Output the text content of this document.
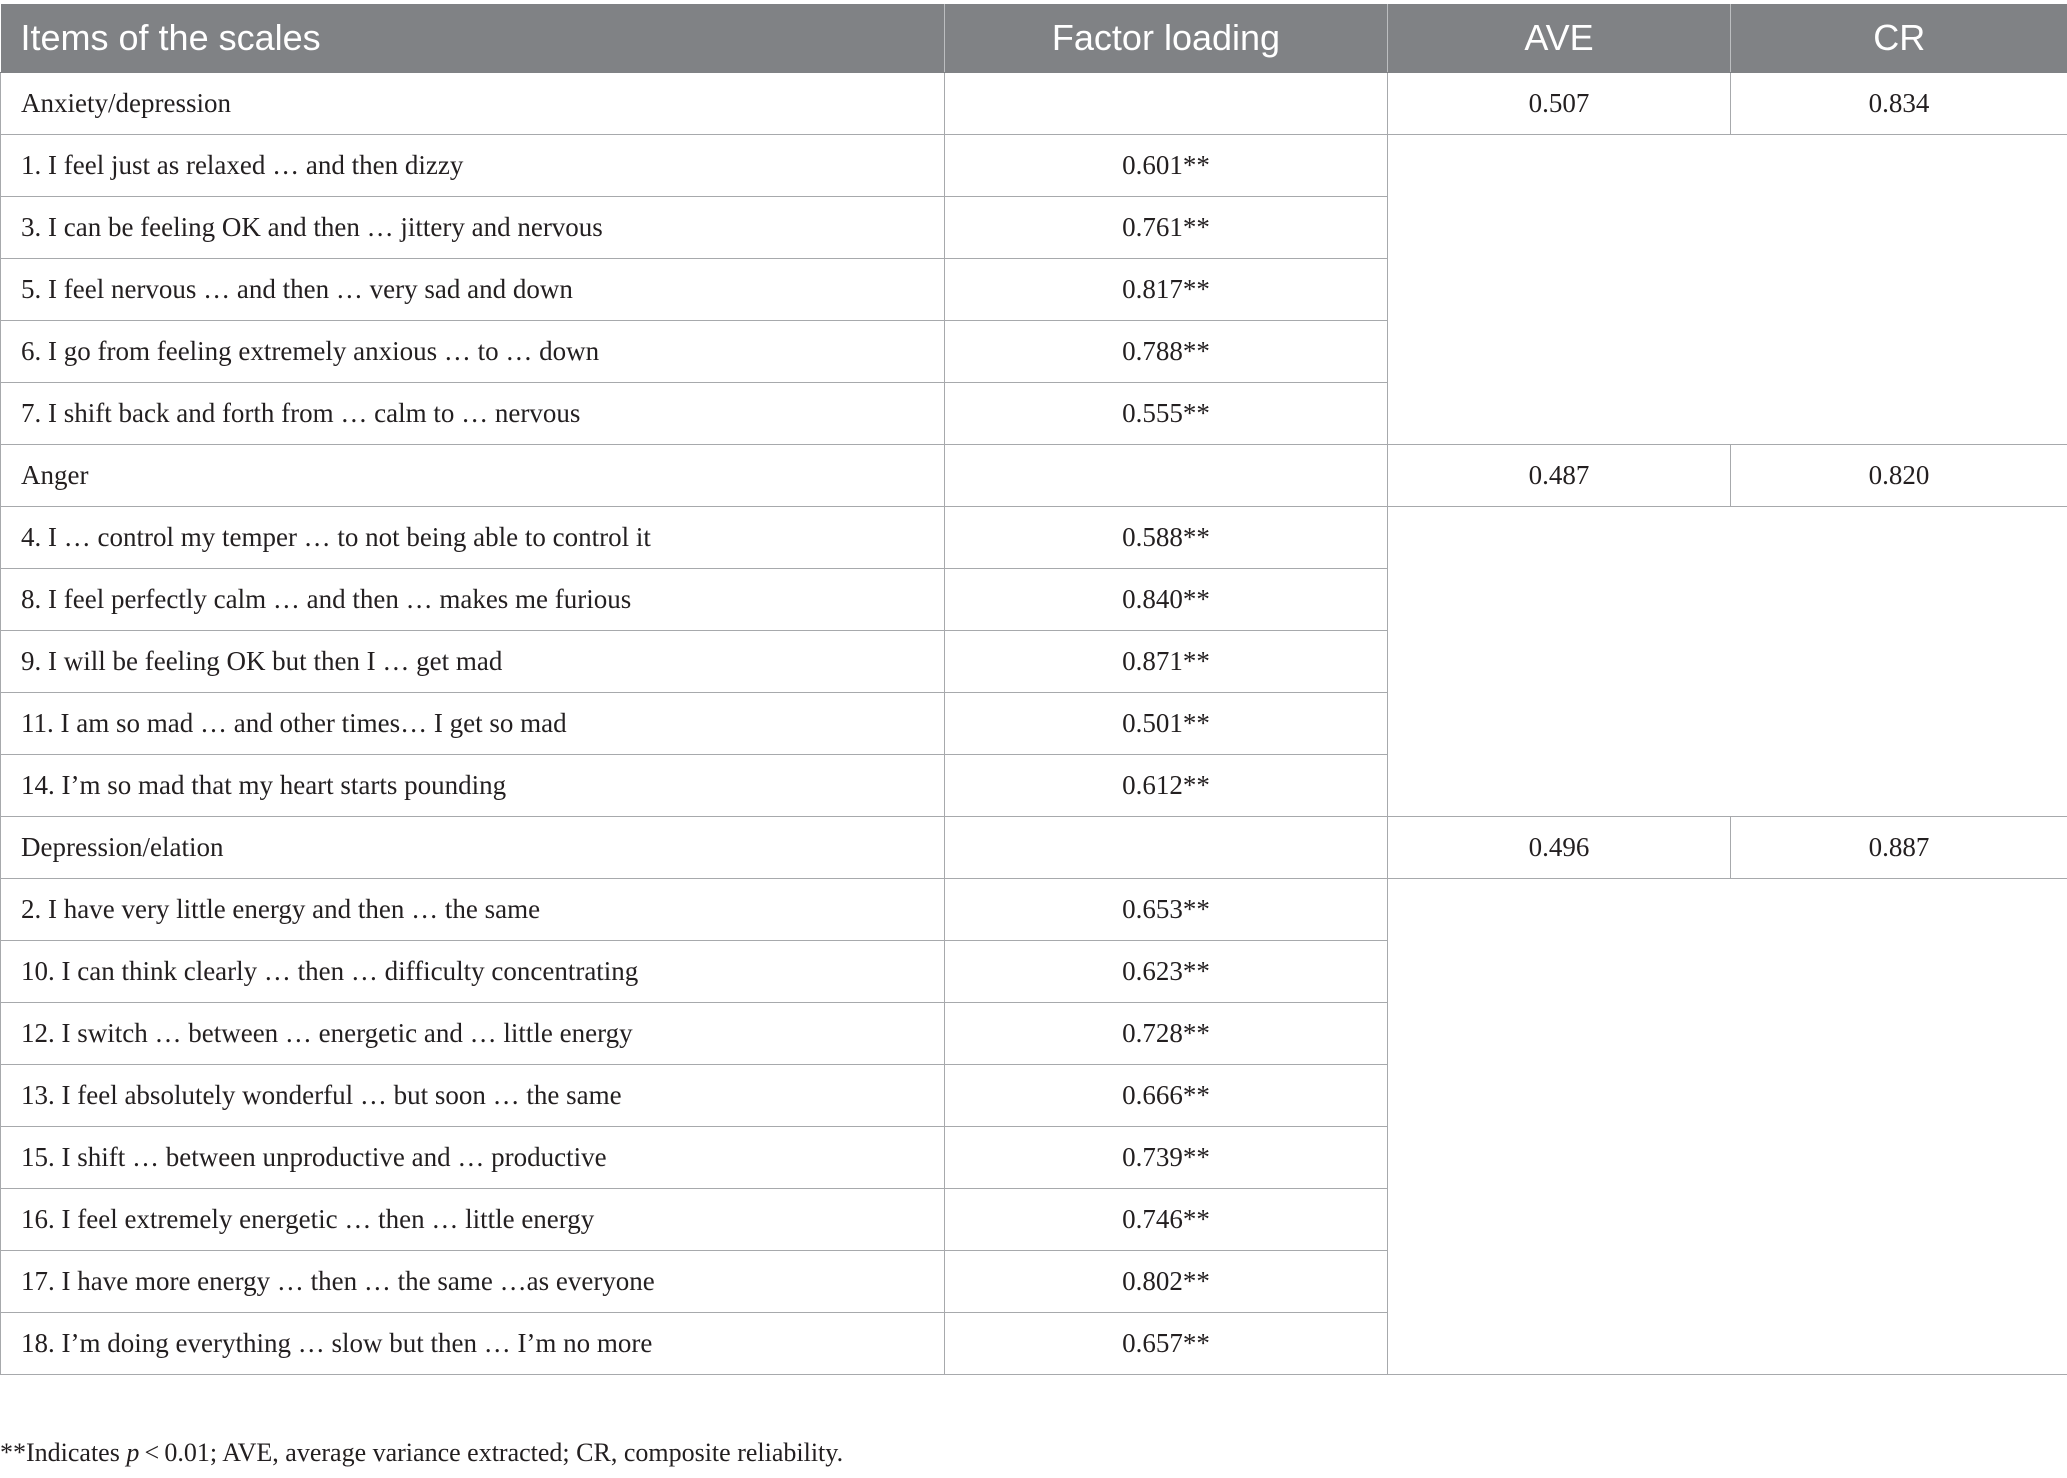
Items of the scales	Factor loading	AVE	CR
Anxiety/depression		0.507	0.834
1. I feel just as relaxed … and then dizzy	0.601**		
3. I can be feeling OK and then … jittery and nervous	0.761**		
5. I feel nervous … and then … very sad and down	0.817**		
6. I go from feeling extremely anxious … to … down	0.788**		
7. I shift back and forth from … calm to … nervous	0.555**		
Anger		0.487	0.820
4. I … control my temper … to not being able to control it	0.588**		
8. I feel perfectly calm … and then … makes me furious	0.840**		
9. I will be feeling OK but then I … get mad	0.871**		
11. I am so mad … and other times… I get so mad	0.501**		
14. I’m so mad that my heart starts pounding	0.612**		
Depression/elation		0.496	0.887
2. I have very little energy and then … the same	0.653**		
10. I can think clearly … then … difficulty concentrating	0.623**		
12. I switch … between … energetic and … little energy	0.728**		
13. I feel absolutely wonderful … but soon … the same	0.666**		
15. I shift … between unproductive and … productive	0.739**		
16. I feel extremely energetic … then … little energy	0.746**		
17. I have more energy … then … the same …as everyone	0.802**		
18. I’m doing everything … slow but then … I’m no more	0.657**		
**Indicates p < 0.01; AVE, average variance extracted; CR, composite reliability.
